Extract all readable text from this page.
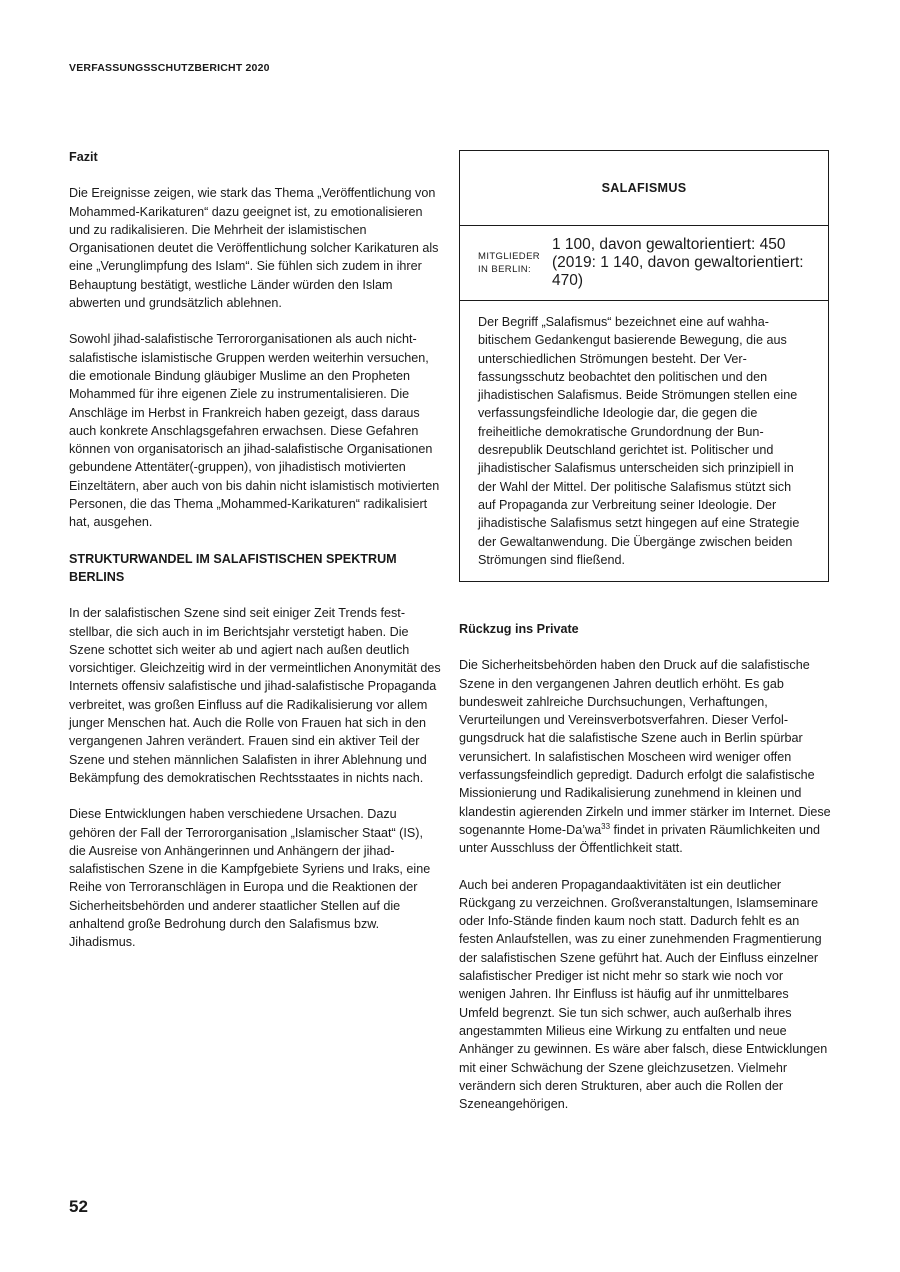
VERFASSUNGSSCHUTZBERICHT 2020

Fazit

Die Ereignisse zeigen, wie stark das Thema „Veröffentlichung von Mohammed-Karikaturen“ dazu geeignet ist, zu emotionalisieren und zu radikalisieren. Die Mehrheit der islamistischen Organisationen deutet die Veröffentlichung solcher Karikaturen als eine „Verunglimpfung des Islam“. Sie fühlen sich zudem in ihrer Behauptung bestätigt, westliche Länder würden den Islam abwerten und grundsätzlich ablehnen.

Sowohl jihad-salafistische Terrororganisationen als auch nicht-salafistische islamistische Gruppen werden weiterhin versuchen, die emotionale Bindung gläubiger Muslime an den Propheten Mohammed für ihre eigenen Ziele zu instrumentalisieren. Die Anschläge im Herbst in Frankreich haben gezeigt, dass daraus auch konkrete Anschlagsgefahren erwachsen. Diese Gefahren können von organisatorisch an jihad-salafistische Organisationen gebundene Attentäter(-gruppen), von jihadistisch motivierten Einzeltätern, aber auch von bis dahin nicht islamistisch motivierten Personen, die das Thema „Mohammed-Karikaturen“ radikalisiert hat, ausgehen.

STRUKTURWANDEL IM SALAFISTISCHEN SPEKTRUM BERLINS

In der salafistischen Szene sind seit einiger Zeit Trends feststellbar, die sich auch in im Berichtsjahr verstetigt haben. Die Szene schottet sich weiter ab und agiert nach außen deutlich vorsichtiger. Gleichzeitig wird in der vermeintlichen Anonymität des Internets offensiv salafistische und jihad-salafistische Propaganda verbreitet, was großen Einfluss auf die Radikalisierung vor allem junger Menschen hat. Auch die Rolle von Frauen hat sich in den vergangenen Jahren verändert. Frauen sind ein aktiver Teil der Szene und stehen männlichen Salafisten in ihrer Ablehnung und Bekämpfung des demokratischen Rechtsstaates in nichts nach.

Diese Entwicklungen haben verschiedene Ursachen. Dazu gehören der Fall der Terrororganisation „Islamischer Staat“ (IS), die Ausreise von Anhängerinnen und Anhängern der jihad-salafistischen Szene in die Kampfgebiete Syriens und Iraks, eine Reihe von Terroranschlägen in Europa und die Reaktionen der Sicherheitsbehörden und anderer staatlicher Stellen auf die anhaltend große Bedrohung durch den Salafismus bzw. Jihadismus.

SALAFISMUS
MITGLIEDER
IN BERLIN:
1 100, davon gewaltorientiert: 450 (2019: 1 140, davon gewaltorientiert: 470)

Der Begriff „Salafismus“ bezeichnet eine auf wahhabitischem Gedankengut basierende Bewegung, die aus unterschiedlichen Strömungen besteht. Der Verfassungsschutz beobachtet den politischen und den jihadistischen Salafismus. Beide Strömungen stellen eine verfassungsfeindliche Ideologie dar, die gegen die freiheitliche demokratische Grundordnung der Bundesrepublik Deutschland gerichtet ist. Politischer und jihadistischer Salafismus unterscheiden sich prinzipiell in der Wahl der Mittel. Der politische Salafismus stützt sich auf Propaganda zur Verbreitung seiner Ideologie. Der jihadistische Salafismus setzt hingegen auf eine Strategie der Gewaltanwendung. Die Übergänge zwischen beiden Strömungen sind fließend.

Rückzug ins Private

Die Sicherheitsbehörden haben den Druck auf die salafistische Szene in den vergangenen Jahren deutlich erhöht. Es gab bundesweit zahlreiche Durchsuchungen, Verhaftungen, Verurteilungen und Vereinsverbotsverfahren. Dieser Verfolgungsdruck hat die salafistische Szene auch in Berlin spürbar verunsichert. In salafistischen Moscheen wird weniger offen verfassungsfeindlich gepredigt. Dadurch erfolgt die salafistische Missionierung und Radikalisierung zunehmend in kleinen und klandestin agierenden Zirkeln und immer stärker im Internet. Diese sogenannte Home-$Da’wa^{33}$ findet in privaten Räumlichkeiten und unter Ausschluss der Öffentlichkeit statt.

Auch bei anderen Propagandaaktivitäten ist ein deutlicher Rückgang zu verzeichnen. Großveranstaltungen, Islamseminare oder Info-Stände finden kaum noch statt. Dadurch fehlt es an festen Anlaufstellen, was zu einer zunehmenden Fragmentierung der salafistischen Szene geführt hat. Auch der Einfluss einzelner salafistischer Prediger ist nicht mehr so stark wie noch vor wenigen Jahren. Ihr Einfluss ist häufig auf ihr unmittelbares Umfeld begrenzt. Sie tun sich schwer, auch außerhalb ihres angestammten Milieus eine Wirkung zu entfalten und neue Anhänger zu gewinnen. Es wäre aber falsch, diese Entwicklungen mit einer Schwächung der Szene gleichzusetzen. Vielmehr verändern sich deren Strukturen, aber auch die Rollen der Szeneangehörigen.

52
